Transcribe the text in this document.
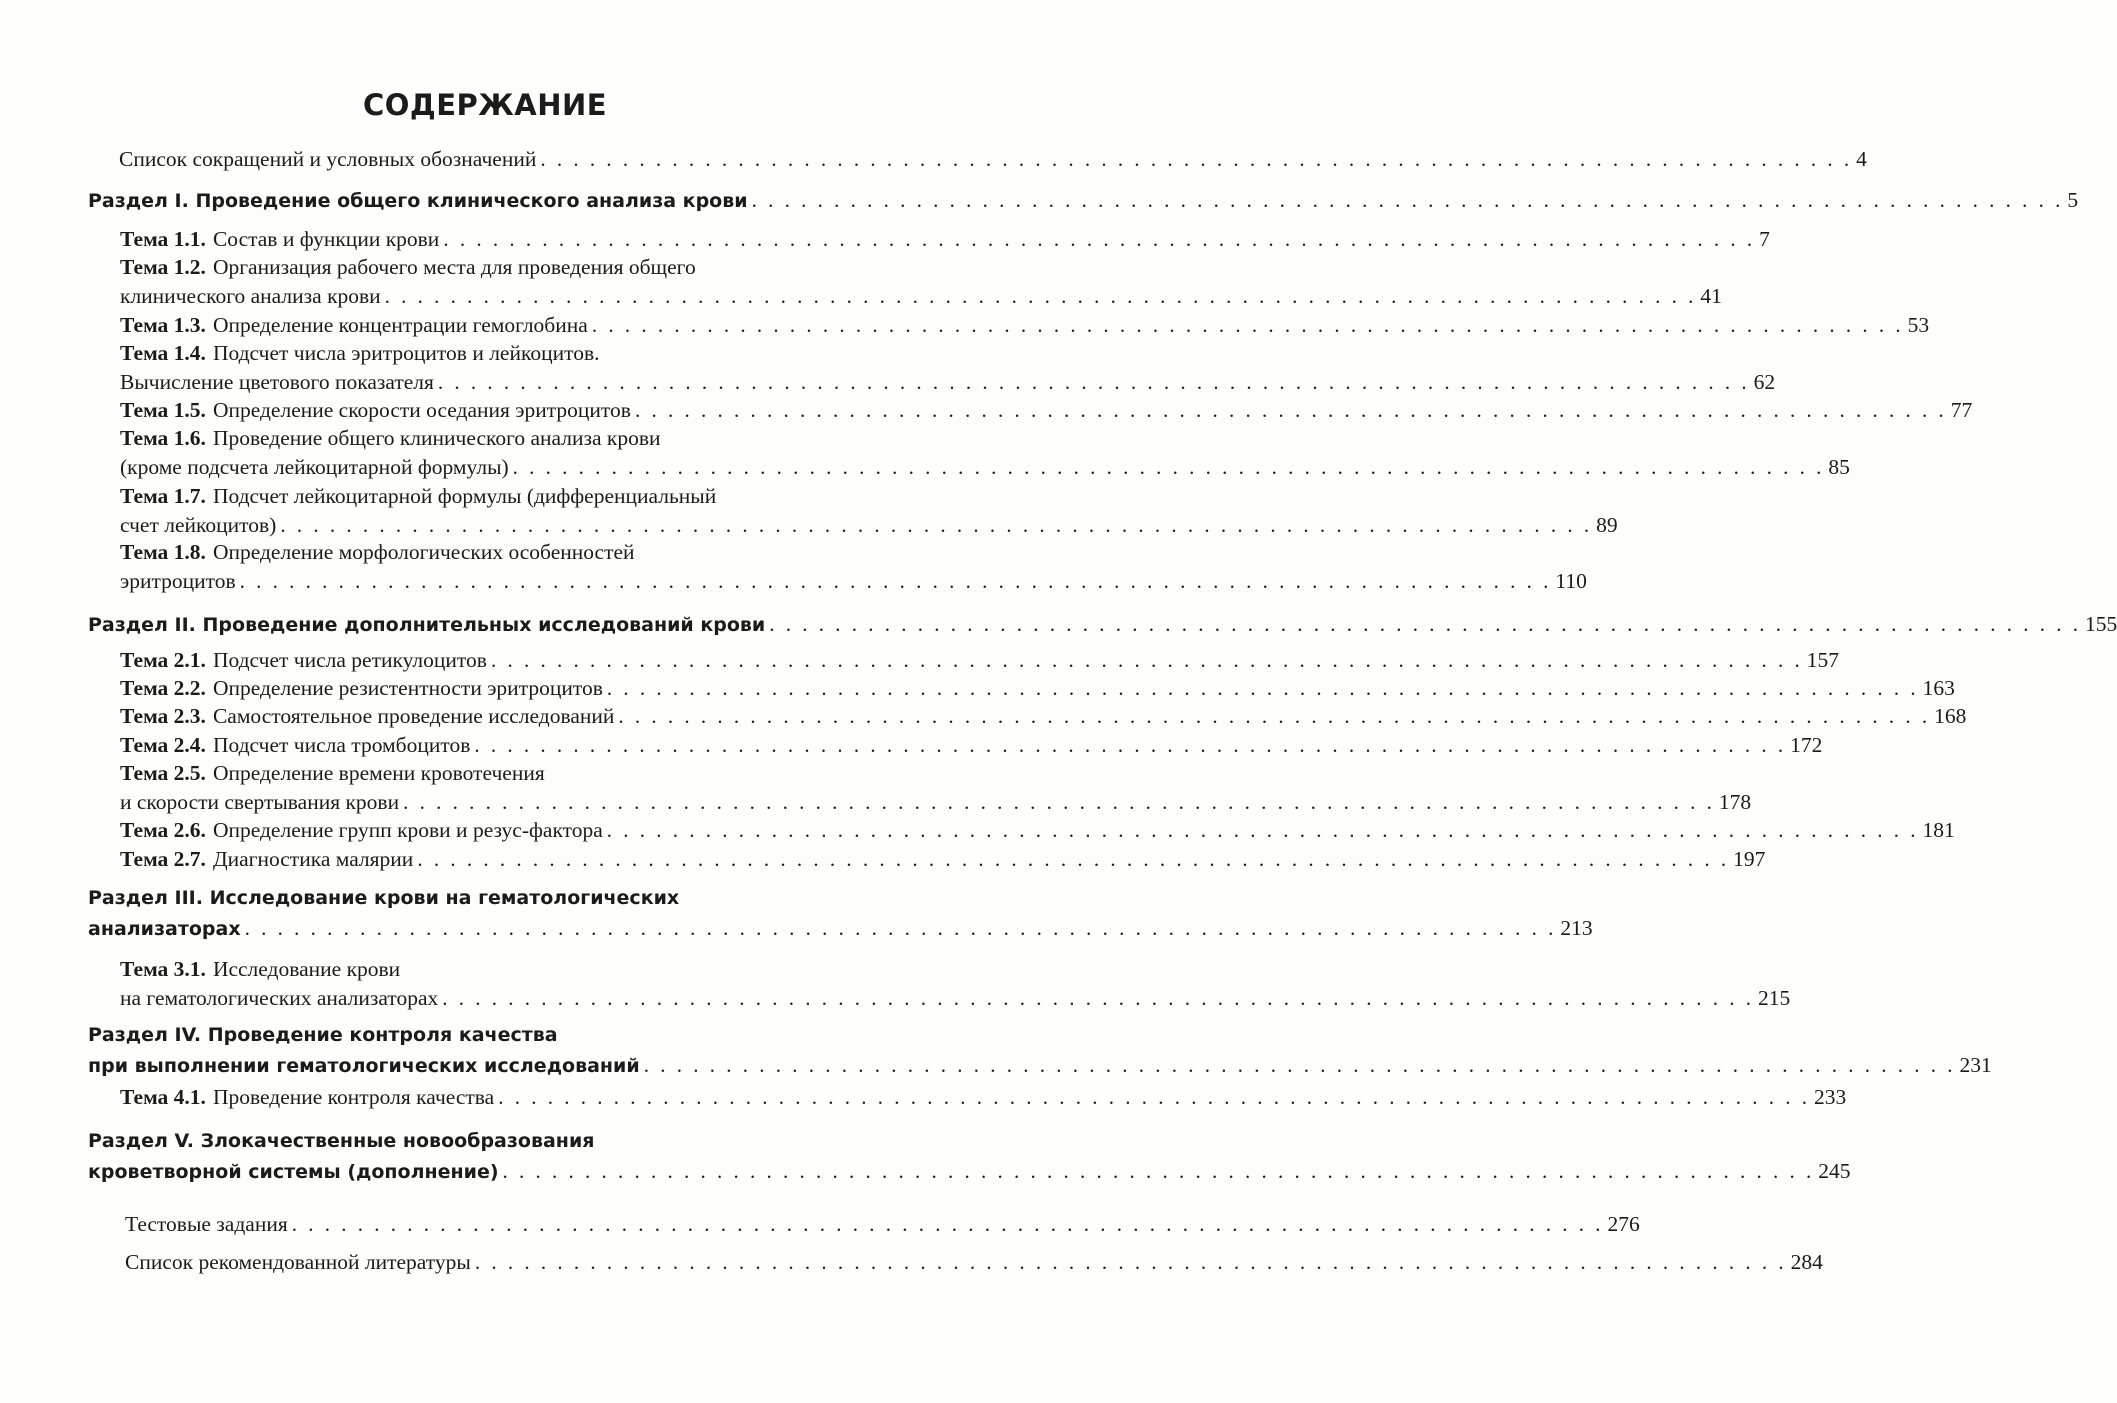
СОДЕРЖАНИЕ
Список сокращений и условных обозначений . . . . . . . . . . . . . . . . . . . . . . . . . . . . . . . . . . . . . . . . . . . . . . . . . . . . . . . . . . . . . . . . . . . . . . . . . . . . . . . . 4
Раздел I. Проведение общего клинического анализа крови . . . . . . . . . . . . . . . . . . . . . . . . . . . . . . . . . . . . . . . . . . . . . . . . . . . . . . . . . . . . . . . . . . . . . . . . . . . . . . . . 5
Тема 1.1. Состав и функции крови . . . . . . . . . . . . . . . . . . . . . . . . . . . . . . . . . . . . . . . . . . . . . . . . . . . . . . . . . . . . . . . . . . . . . . . . . . . . . . . . 7
Тема 1.2. Организация рабочего места для проведения общего
клинического анализа крови . . . . . . . . . . . . . . . . . . . . . . . . . . . . . . . . . . . . . . . . . . . . . . . . . . . . . . . . . . . . . . . . . . . . . . . . . . . . . . . . 41
Тема 1.3. Определение концентрации гемоглобина . . . . . . . . . . . . . . . . . . . . . . . . . . . . . . . . . . . . . . . . . . . . . . . . . . . . . . . . . . . . . . . . . . . . . . . . . . . . . . . . 53
Тема 1.4. Подсчет числа эритроцитов и лейкоцитов.
Вычисление цветового показателя . . . . . . . . . . . . . . . . . . . . . . . . . . . . . . . . . . . . . . . . . . . . . . . . . . . . . . . . . . . . . . . . . . . . . . . . . . . . . . . . 62
Тема 1.5. Определение скорости оседания эритроцитов . . . . . . . . . . . . . . . . . . . . . . . . . . . . . . . . . . . . . . . . . . . . . . . . . . . . . . . . . . . . . . . . . . . . . . . . . . . . . . . . 77
Тема 1.6. Проведение общего клинического анализа крови
(кроме подсчета лейкоцитарной формулы) . . . . . . . . . . . . . . . . . . . . . . . . . . . . . . . . . . . . . . . . . . . . . . . . . . . . . . . . . . . . . . . . . . . . . . . . . . . . . . . . 85
Тема 1.7. Подсчет лейкоцитарной формулы (дифференциальный
счет лейкоцитов) . . . . . . . . . . . . . . . . . . . . . . . . . . . . . . . . . . . . . . . . . . . . . . . . . . . . . . . . . . . . . . . . . . . . . . . . . . . . . . . . 89
Тема 1.8. Определение морфологических особенностей
эритроцитов . . . . . . . . . . . . . . . . . . . . . . . . . . . . . . . . . . . . . . . . . . . . . . . . . . . . . . . . . . . . . . . . . . . . . . . . . . . . . . . . 110
Раздел II. Проведение дополнительных исследований крови . . . . . . . . . . . . . . . . . . . . . . . . . . . . . . . . . . . . . . . . . . . . . . . . . . . . . . . . . . . . . . . . . . . . . . . . . . . . . . . . 155
Тема 2.1. Подсчет числа ретикулоцитов . . . . . . . . . . . . . . . . . . . . . . . . . . . . . . . . . . . . . . . . . . . . . . . . . . . . . . . . . . . . . . . . . . . . . . . . . . . . . . . . 157
Тема 2.2. Определение резистентности эритроцитов . . . . . . . . . . . . . . . . . . . . . . . . . . . . . . . . . . . . . . . . . . . . . . . . . . . . . . . . . . . . . . . . . . . . . . . . . . . . . . . . 163
Тема 2.3. Самостоятельное проведение исследований . . . . . . . . . . . . . . . . . . . . . . . . . . . . . . . . . . . . . . . . . . . . . . . . . . . . . . . . . . . . . . . . . . . . . . . . . . . . . . . . 168
Тема 2.4. Подсчет числа тромбоцитов . . . . . . . . . . . . . . . . . . . . . . . . . . . . . . . . . . . . . . . . . . . . . . . . . . . . . . . . . . . . . . . . . . . . . . . . . . . . . . . . 172
Тема 2.5. Определение времени кровотечения
и скорости свертывания крови . . . . . . . . . . . . . . . . . . . . . . . . . . . . . . . . . . . . . . . . . . . . . . . . . . . . . . . . . . . . . . . . . . . . . . . . . . . . . . . . 178
Тема 2.6. Определение групп крови и резус-фактора . . . . . . . . . . . . . . . . . . . . . . . . . . . . . . . . . . . . . . . . . . . . . . . . . . . . . . . . . . . . . . . . . . . . . . . . . . . . . . . . 181
Тема 2.7. Диагностика малярии . . . . . . . . . . . . . . . . . . . . . . . . . . . . . . . . . . . . . . . . . . . . . . . . . . . . . . . . . . . . . . . . . . . . . . . . . . . . . . . . 197
Раздел III. Исследование крови на гематологических
анализаторах . . . . . . . . . . . . . . . . . . . . . . . . . . . . . . . . . . . . . . . . . . . . . . . . . . . . . . . . . . . . . . . . . . . . . . . . . . . . . . . . 213
Тема 3.1. Исследование крови
на гематологических анализаторах . . . . . . . . . . . . . . . . . . . . . . . . . . . . . . . . . . . . . . . . . . . . . . . . . . . . . . . . . . . . . . . . . . . . . . . . . . . . . . . . 215
Раздел IV. Проведение контроля качества
при выполнении гематологических исследований . . . . . . . . . . . . . . . . . . . . . . . . . . . . . . . . . . . . . . . . . . . . . . . . . . . . . . . . . . . . . . . . . . . . . . . . . . . . . . . . 231
Тема 4.1. Проведение контроля качества . . . . . . . . . . . . . . . . . . . . . . . . . . . . . . . . . . . . . . . . . . . . . . . . . . . . . . . . . . . . . . . . . . . . . . . . . . . . . . . . 233
Раздел V. Злокачественные новообразования
кроветворной системы (дополнение) . . . . . . . . . . . . . . . . . . . . . . . . . . . . . . . . . . . . . . . . . . . . . . . . . . . . . . . . . . . . . . . . . . . . . . . . . . . . . . . . 245
Тестовые задания . . . . . . . . . . . . . . . . . . . . . . . . . . . . . . . . . . . . . . . . . . . . . . . . . . . . . . . . . . . . . . . . . . . . . . . . . . . . . . . . 276
Список рекомендованной литературы . . . . . . . . . . . . . . . . . . . . . . . . . . . . . . . . . . . . . . . . . . . . . . . . . . . . . . . . . . . . . . . . . . . . . . . . . . . . . . . . 284
